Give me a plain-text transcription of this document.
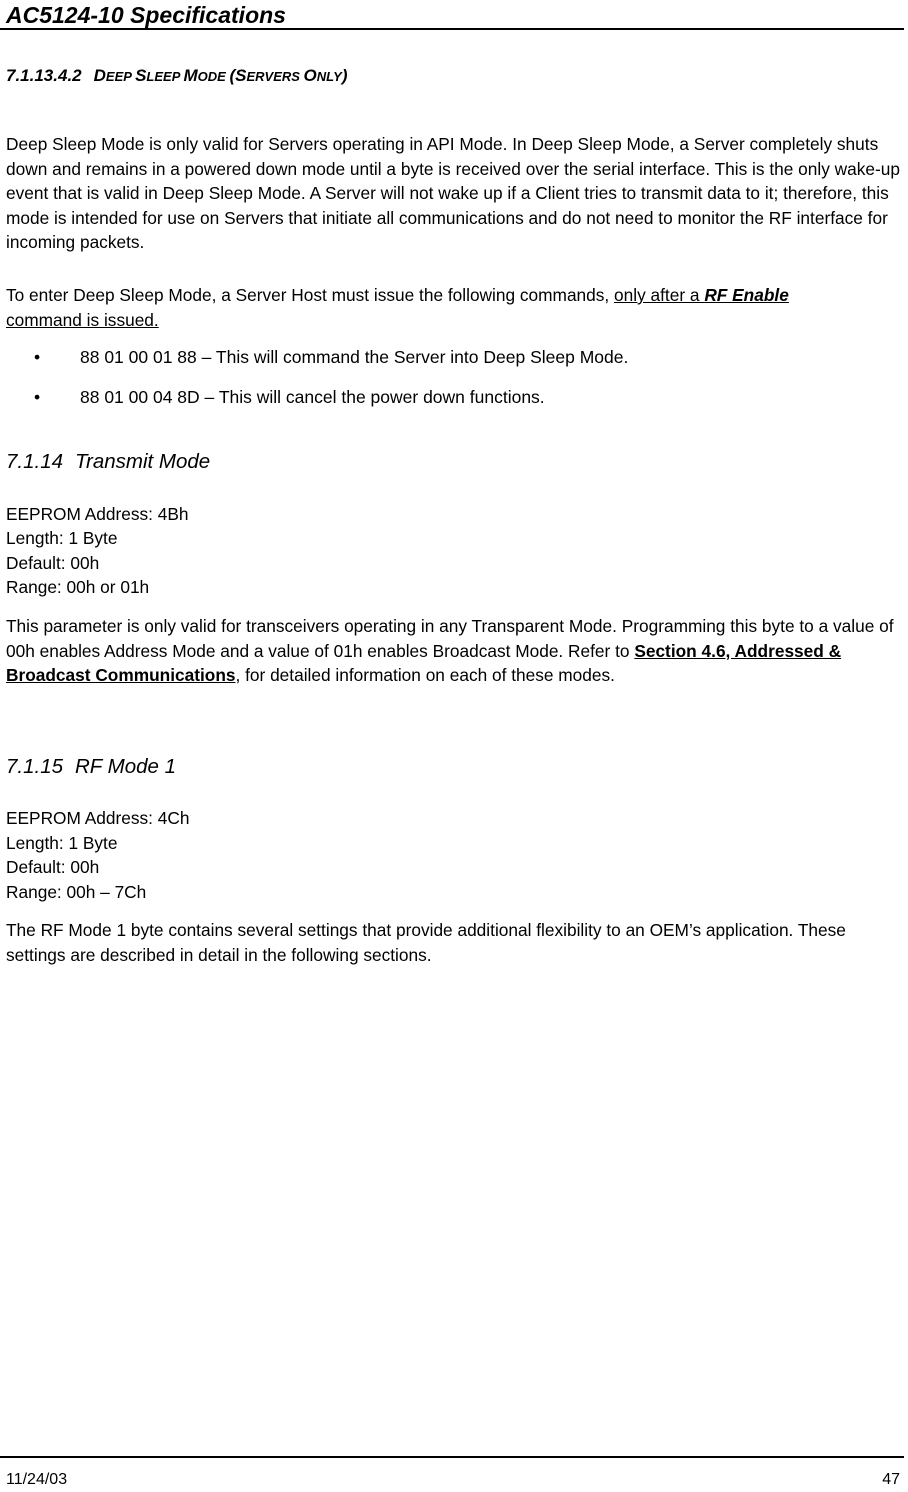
AC5124-10 Specifications
7.1.13.4.2 DEEP SLEEP MODE (SERVERS ONLY)

Deep Sleep Mode is only valid for Servers operating in API Mode. In Deep Sleep Mode, a Server completely shuts down and remains in a powered down mode until a byte is received over the serial interface. This is the only wake-up event that is valid in Deep Sleep Mode. A Server will not wake up if a Client tries to transmit data to it; therefore, this mode is intended for use on Servers that initiate all communications and do not need to monitor the RF interface for incoming packets.

To enter Deep Sleep Mode, a Server Host must issue the following commands, only after a RF Enable
command is issued.

• 88 01 00 01 88 – This will command the Server into Deep Sleep Mode.
• 88 01 00 04 8D – This will cancel the power down functions.
7.1.14 Transmit Mode

EEPROM Address: 4Bh

Length: 1 Byte

Default: 00h

Range: 00h or 01h

This parameter is only valid for transceivers operating in any Transparent Mode. Programming this byte to a value of 00h enables Address Mode and a value of 01h enables Broadcast Mode. Refer to Section 4.6, Addressed & Broadcast Communications, for detailed information on each of these modes.

7.1.15 RF Mode 1

EEPROM Address: 4Ch

Length: 1 Byte

Default: 00h

Range: 00h – 7Ch

The RF Mode 1 byte contains several settings that provide additional flexibility to an OEM’s application. These settings are described in detail in the following sections.

11/24/03	47
